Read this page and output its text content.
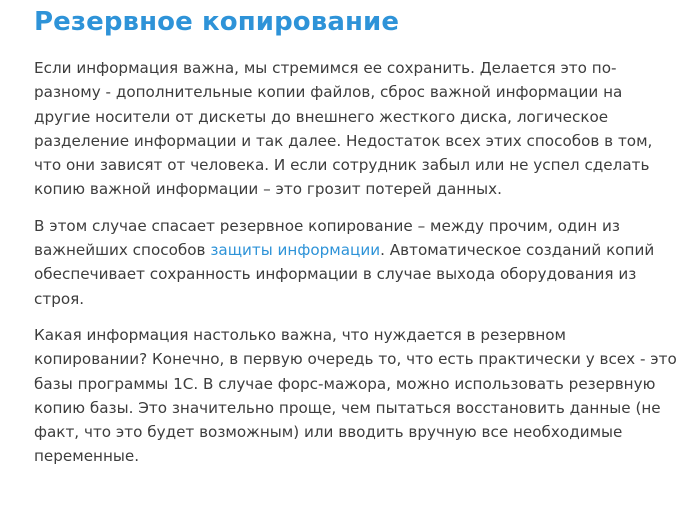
Резервное копирование

Если информация важна, мы стремимся ее сохранить. Делается это по-разному - дополнительные копии файлов, сброс важной информации на другие носители от дискеты до внешнего жесткого диска, логическое разделение информации и так далее. Недостаток всех этих способов в том, что они зависят от человека. И если сотрудник забыл или не успел сделать копию важной информации – это грозит потерей данных.

В этом случае спасает резервное копирование – между прочим, один из важнейших способов защиты информации. Автоматическое созданий копий обеспечивает сохранность информации в случае выхода оборудования из строя.

Какая информация настолько важна, что нуждается в резервном копировании? Конечно, в первую очередь то, что есть практически у всех - это базы программы 1С. В случае форс-мажора, можно использовать резервную копию базы. Это значительно проще, чем пытаться восстановить данные (не факт, что это будет возможным) или вводить вручную все необходимые переменные.
